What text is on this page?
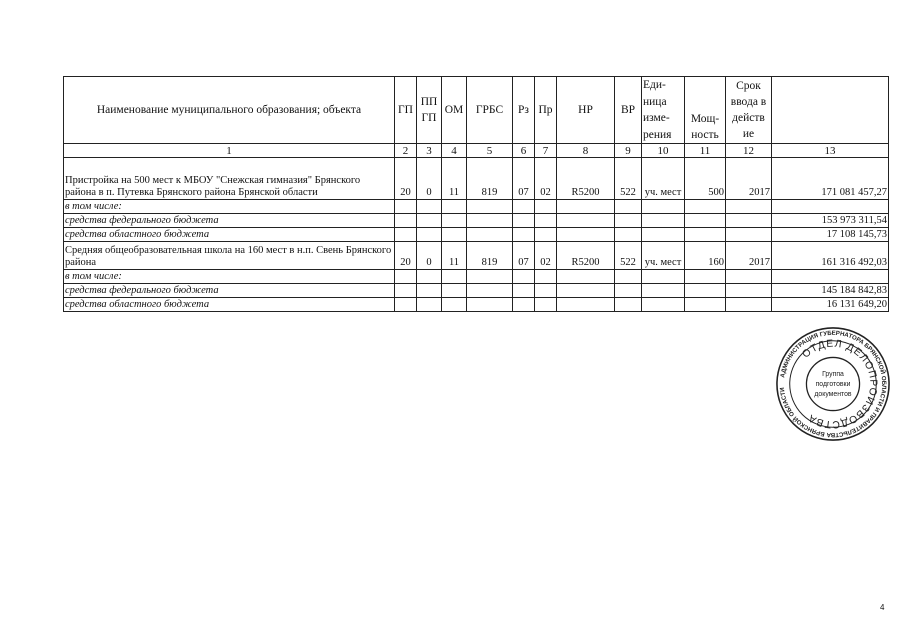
Наименование муниципального образования; объекта	ГП	ПП ГП	ОМ	ГРБС	Рз	Пр	НР	ВР	Еди- ница изме- рения	Мощ- ность	Срок ввода в действ ие	
1	2	3	4	5	6	7	8	9	10	11	12	13
Пристройка на 500 мест к МБОУ "Снежская гимназия" Брянского района в п. Путевка Брянского района Брянской области	20	0	11	819	07	02	R5200	522	уч. мест	500	2017	171 081 457,27
в том числе:												
средства федерального бюджета												153 973 311,54
средства областного бюджета												17 108 145,73
Средняя общеобразовательная школа на 160 мест в н.п. Свень Брянского района	20	0	11	819	07	02	R5200	522	уч. мест	160	2017	161 316 492,03
в том числе:												
средства федерального бюджета												145 184 842,83
средства областного бюджета												16 131 649,20
АДМИНИСТРАЦИЯ ГУБЕРНАТОРА БРЯНСКОЙ ОБЛАСТИ И ПРАВИТЕЛЬСТВА БРЯНСКОЙ ОБЛАСТИ
ОТДЕЛ ДЕЛОПРОИЗВОДСТВА
Группа
подготовки
документов
4
